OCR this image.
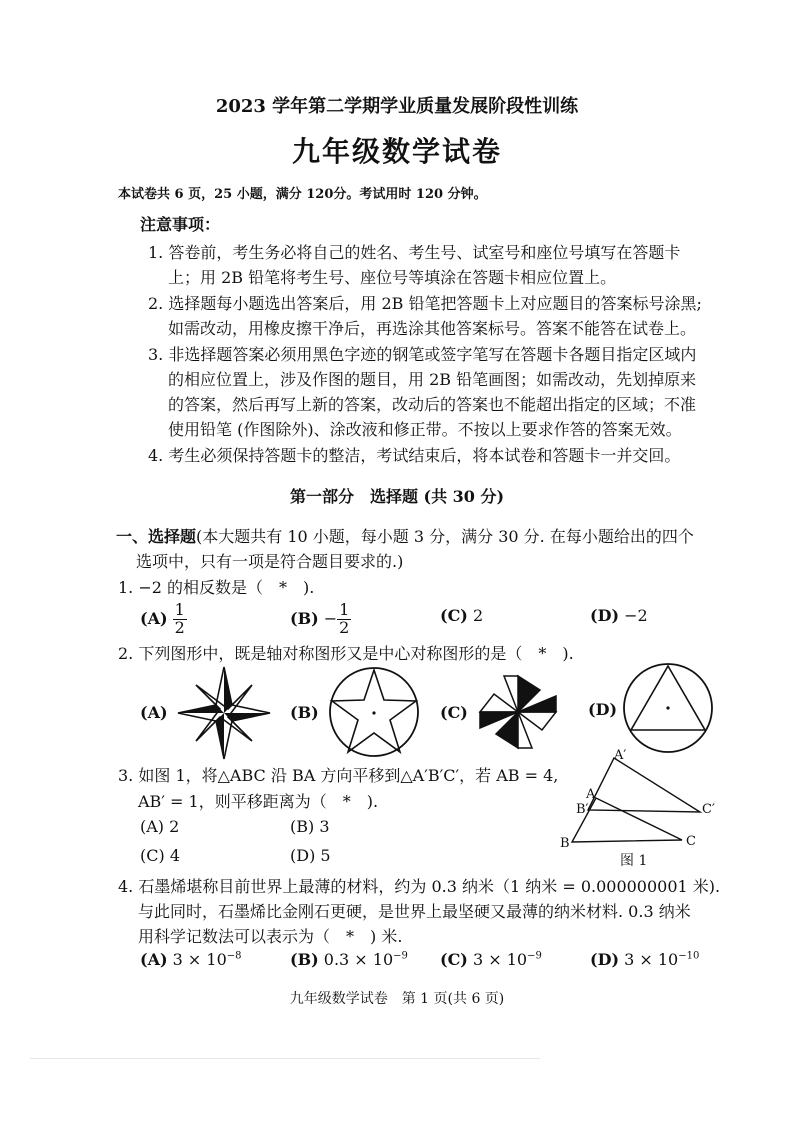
2023 学年第二学期学业质量发展阶段性训练
九年级数学试卷
本试卷共 6 页，25 小题，满分 120分。考试用时 120 分钟。
注意事项：
1. 答卷前，考生务必将自己的姓名、考生号、试室号和座位号填写在答题卡
上；用 2B 铅笔将考生号、座位号等填涂在答题卡相应位置上。
2. 选择题每小题选出答案后，用 2B 铅笔把答题卡上对应题目的答案标号涂黑;
如需改动，用橡皮擦干净后，再选涂其他答案标号。答案不能答在试卷上。
3. 非选择题答案必须用黑色字迹的钢笔或签字笔写在答题卡各题目指定区域内
的相应位置上，涉及作图的题目，用 2B 铅笔画图；如需改动，先划掉原来
的答案，然后再写上新的答案，改动后的答案也不能超出指定的区域；不准
使用铅笔 (作图除外)、涂改液和修正带。不按以上要求作答的答案无效。
4. 考生必须保持答题卡的整洁，考试结束后，将本试卷和答题卡一并交回。
第一部分　选择题 (共 30 分)
一、选择题(本大题共有 10 小题，每小题 3 分，满分 30 分. 在每小题给出的四个
选项中，只有一项是符合题目要求的.)
1. −2 的相反数是（　*　).
$(A) \frac{1}{2}$	$(B) - \frac{1}{2}$	(C) 2	(D) −2
2. 下列图形中，既是轴对称图形又是中心对称图形的是（　*　).
(A)	(B)	(C)	(D)
3. 如图 1，将△ABC 沿 BA 方向平移到△A′B′C′，若 AB = 4,
AB′ = 1，则平移距离为（　*　).
(A) 2	(B) 3
(C) 4	(D) 5
A′
A
B′	C′
B	C
图 1
4. 石墨烯堪称目前世界上最薄的材料，约为 0.3 纳米（1 纳米 = 0.000000001 米).
与此同时，石墨烯比金刚石更硬，是世界上最坚硬又最薄的纳米材料. 0.3 纳米
用科学记数法可以表示为（　*　) 米.
(A) $3 \times 10^{-8}$	(B) $0.3 \times 10^{-9}$ (C) $3 \times 10^{-9}$	(D) $3 \times 10^{-10}$
九年级数学试卷　第 1 页(共 6 页)
